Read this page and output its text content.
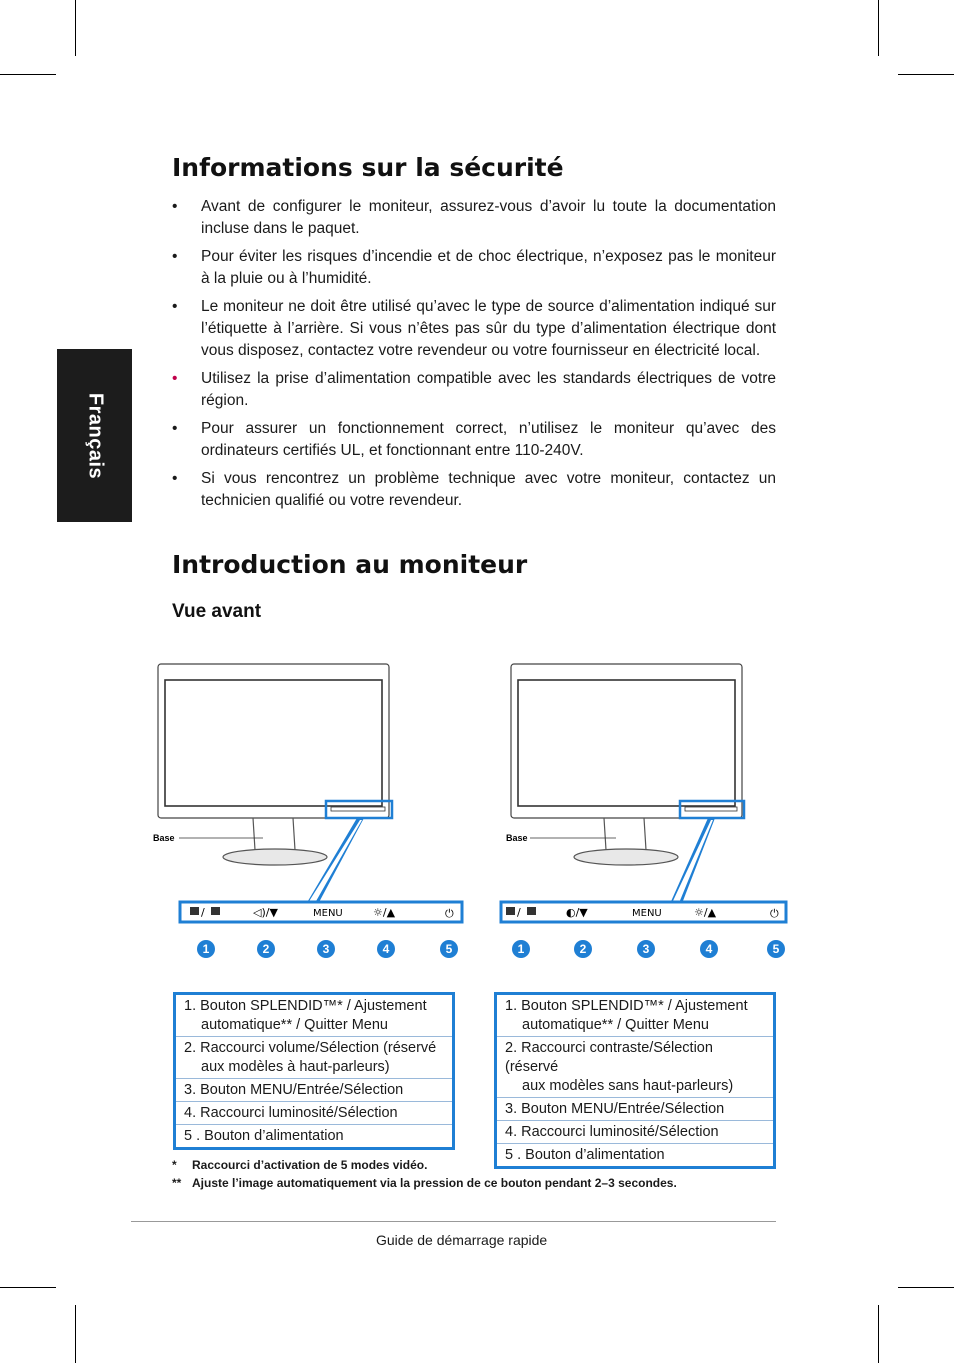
Français
Informations sur la sécurité
• Avant de configurer le moniteur, assurez-vous d’avoir lu toute la documentation incluse dans le paquet.
• Pour éviter les risques d’incendie et de choc électrique, n’exposez pas le moniteur à la pluie ou à l’humidité.
• Le moniteur ne doit être utilisé qu’avec le type de source d’alimentation indiqué sur l’étiquette à l’arrière. Si vous n’êtes pas sûr du type d’alimentation électrique dont vous disposez, contactez votre revendeur ou votre fournisseur en électricité local.
• Utilisez la prise d’alimentation compatible avec les standards électriques de votre région.
• Pour assurer un fonctionnement correct, n’utilisez le moniteur qu’avec des ordinateurs certifiés UL, et fonctionnant entre 110-240V.
• Si vous rencontrez un problème technique avec votre moniteur, contactez un technicien qualifié ou votre revendeur.
Introduction au moniteur
Vue avant
Base
/	◁)/▼	MENU	☼/▲	⏻
1	2	3	4	5
Base
/	◐/▼	MENU	☼/▲	⏻
1	2	3	4	5
1. Bouton SPLENDID™* / Ajustement
automatique** / Quitter Menu
2. Raccourci volume/Sélection (réservé
aux modèles à haut-parleurs)
3. Bouton MENU/Entrée/Sélection
4. Raccourci luminosité/Sélection
5 . Bouton d’alimentation
1. Bouton SPLENDID™* / Ajustement
automatique** / Quitter Menu
2. Raccourci contraste/Sélection (réservé
aux modèles sans haut-parleurs)
3. Bouton MENU/Entrée/Sélection
4. Raccourci luminosité/Sélection
5 . Bouton d’alimentation
*	Raccourci d’activation de 5 modes vidéo.
** Ajuste l’image automatiquement via la pression de ce bouton pendant 2–3 secondes.
Guide de démarrage rapide
